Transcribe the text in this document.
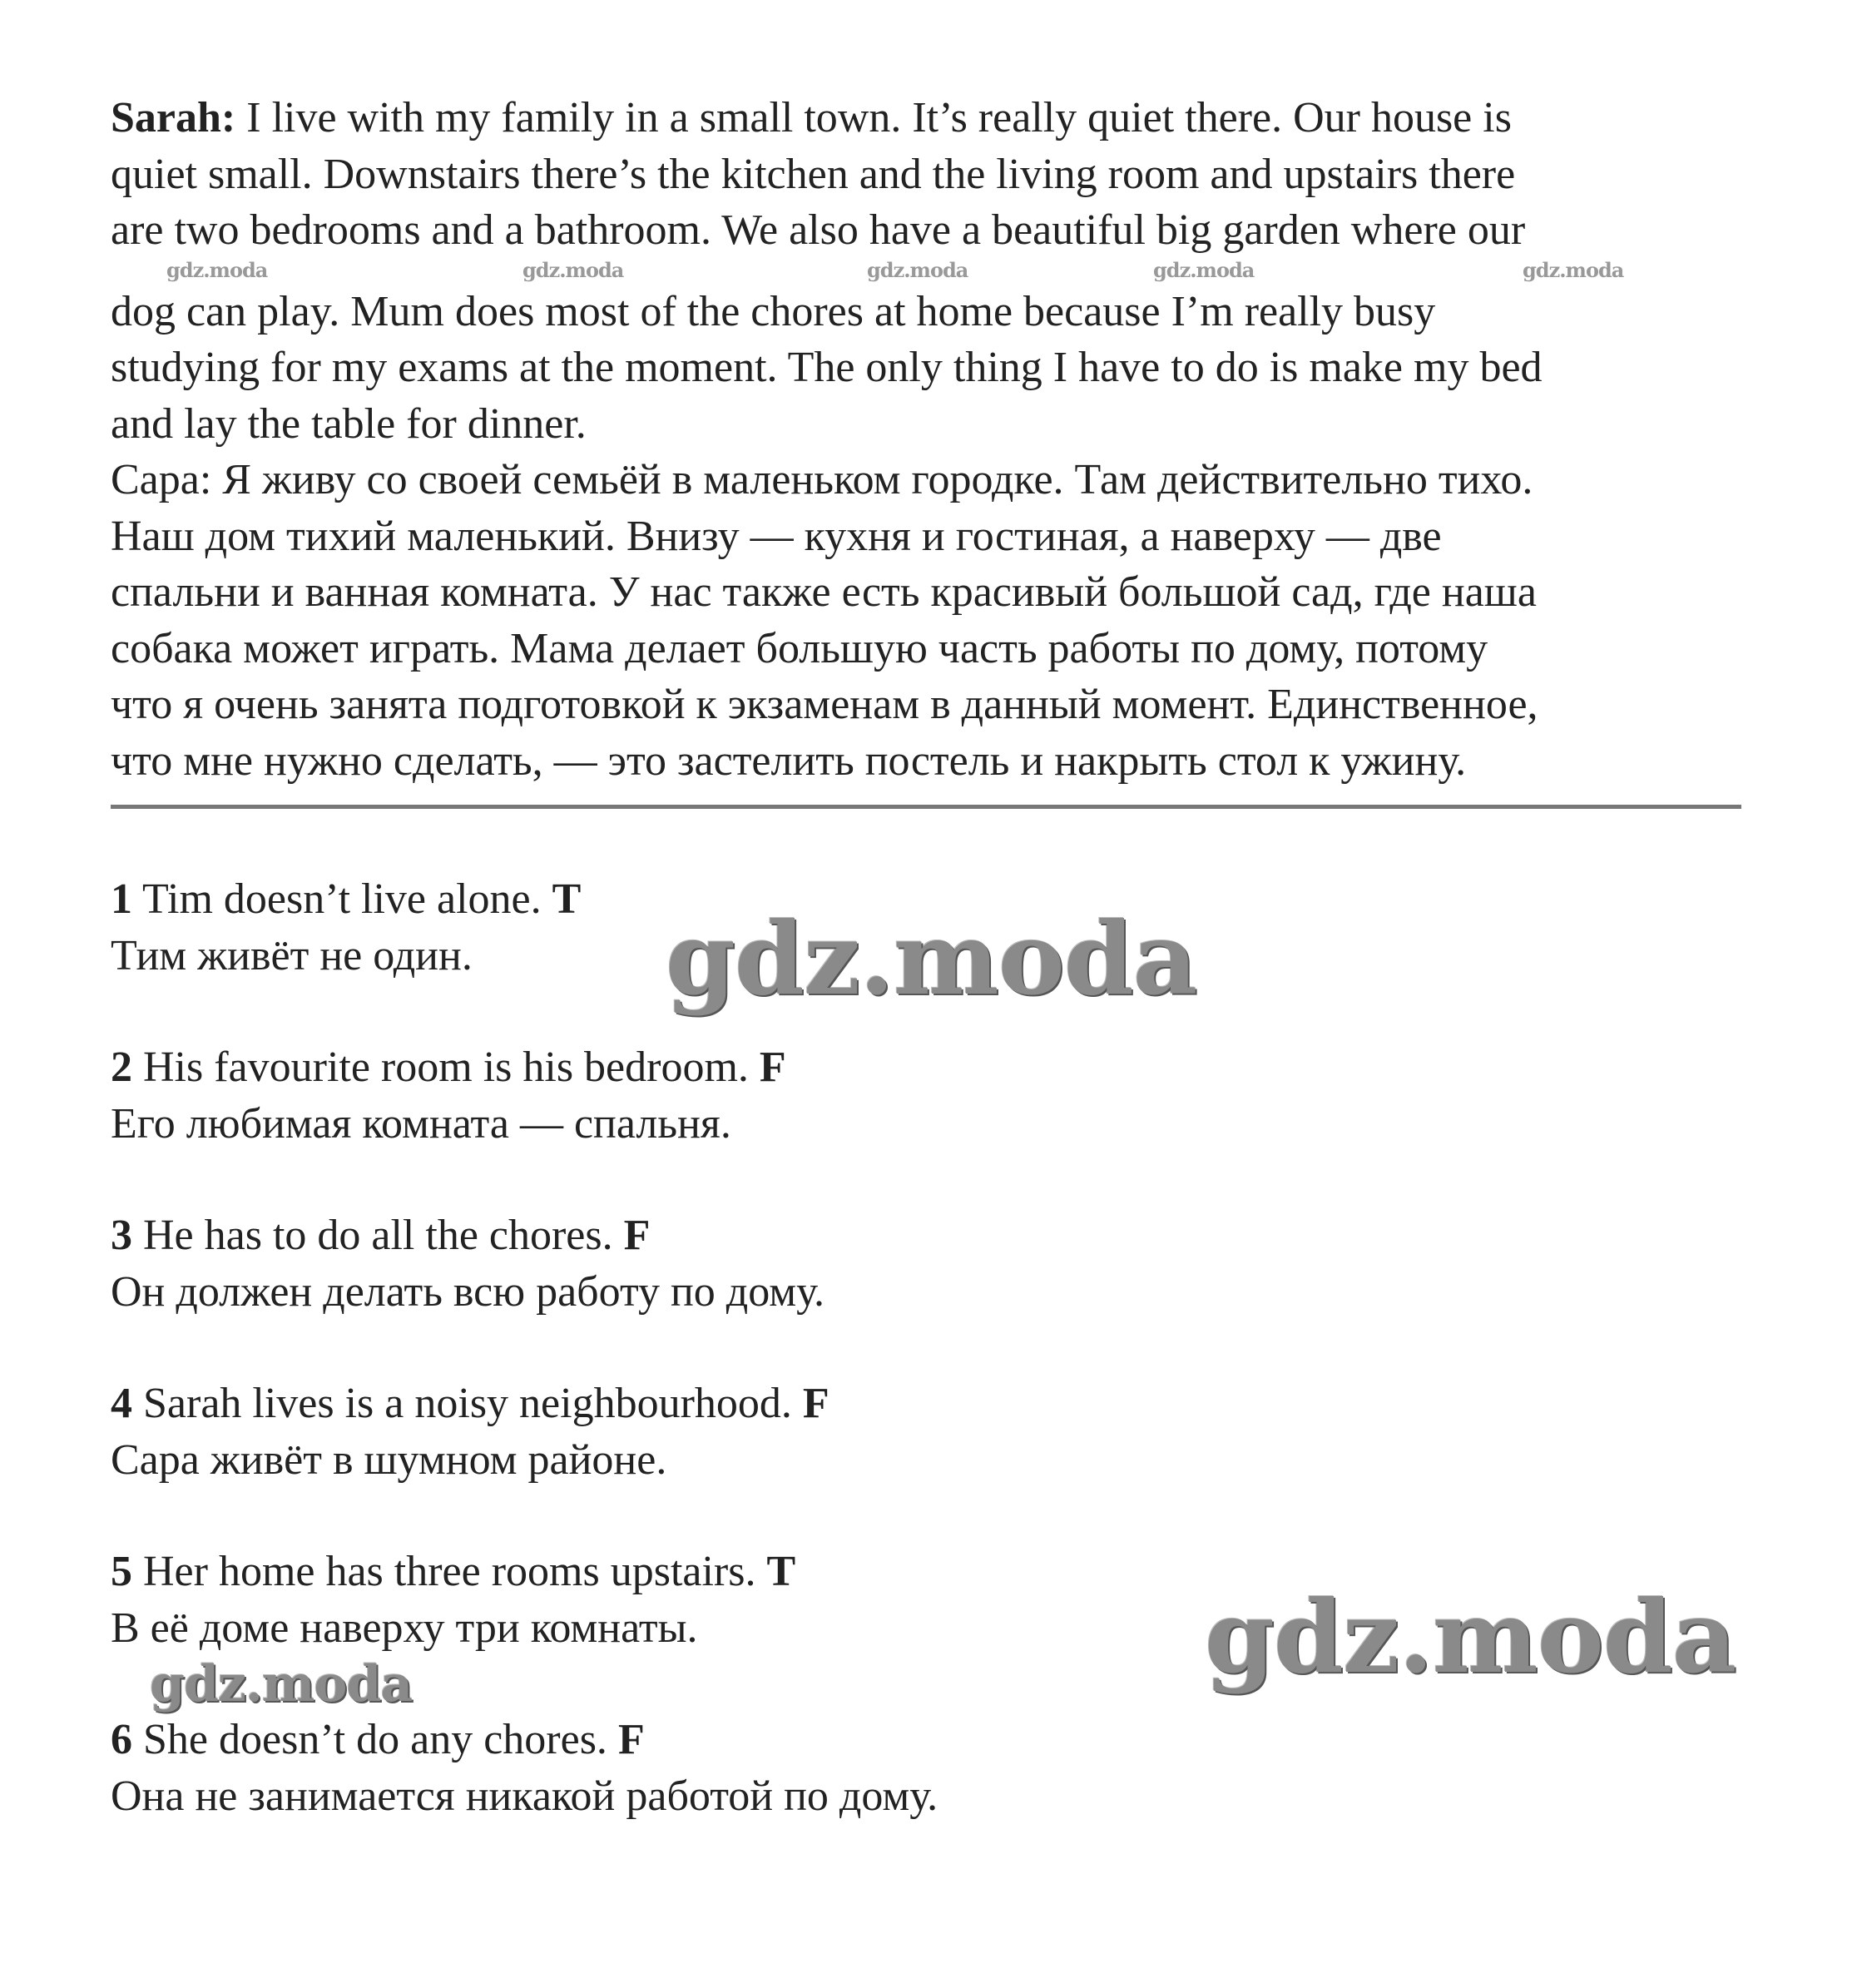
Sarah: I live with my family in a small town. It’s really quiet there. Our house is
quiet small. Downstairs there’s the kitchen and the living room and upstairs there
are two bedrooms and a bathroom. We also have a beautiful big garden where our
dog can play. Mum does most of the chores at home because I’m really busy
studying for my exams at the moment. The only thing I have to do is make my bed
and lay the table for dinner.
Сара: Я живу со своей семьёй в маленьком городке. Там действительно тихо.
Наш дом тихий маленький. Внизу — кухня и гостиная, а наверху — две
спальни и ванная комната. У нас также есть красивый большой сад, где наша
собака может играть. Мама делает большую часть работы по дому, потому
что я очень занята подготовкой к экзаменам в данный момент. Единственное,
что мне нужно сделать, — это застелить постель и накрыть стол к ужину.
1 Tim doesn’t live alone. T
Тим живёт не один.
2 His favourite room is his bedroom. F
Его любимая комната — спальня.
3 He has to do all the chores. F
Он должен делать всю работу по дому.
4 Sarah lives is a noisy neighbourhood. F
Сара живёт в шумном районе.
5 Her home has three rooms upstairs. T
В её доме наверху три комнаты.
6 She doesn’t do any chores. F
Она не занимается никакой работой по дому.
gdz.moda	gdz.moda	gdz.moda	gdz.moda	gdz.moda
gdz.moda
gdz.moda
gdz.moda
